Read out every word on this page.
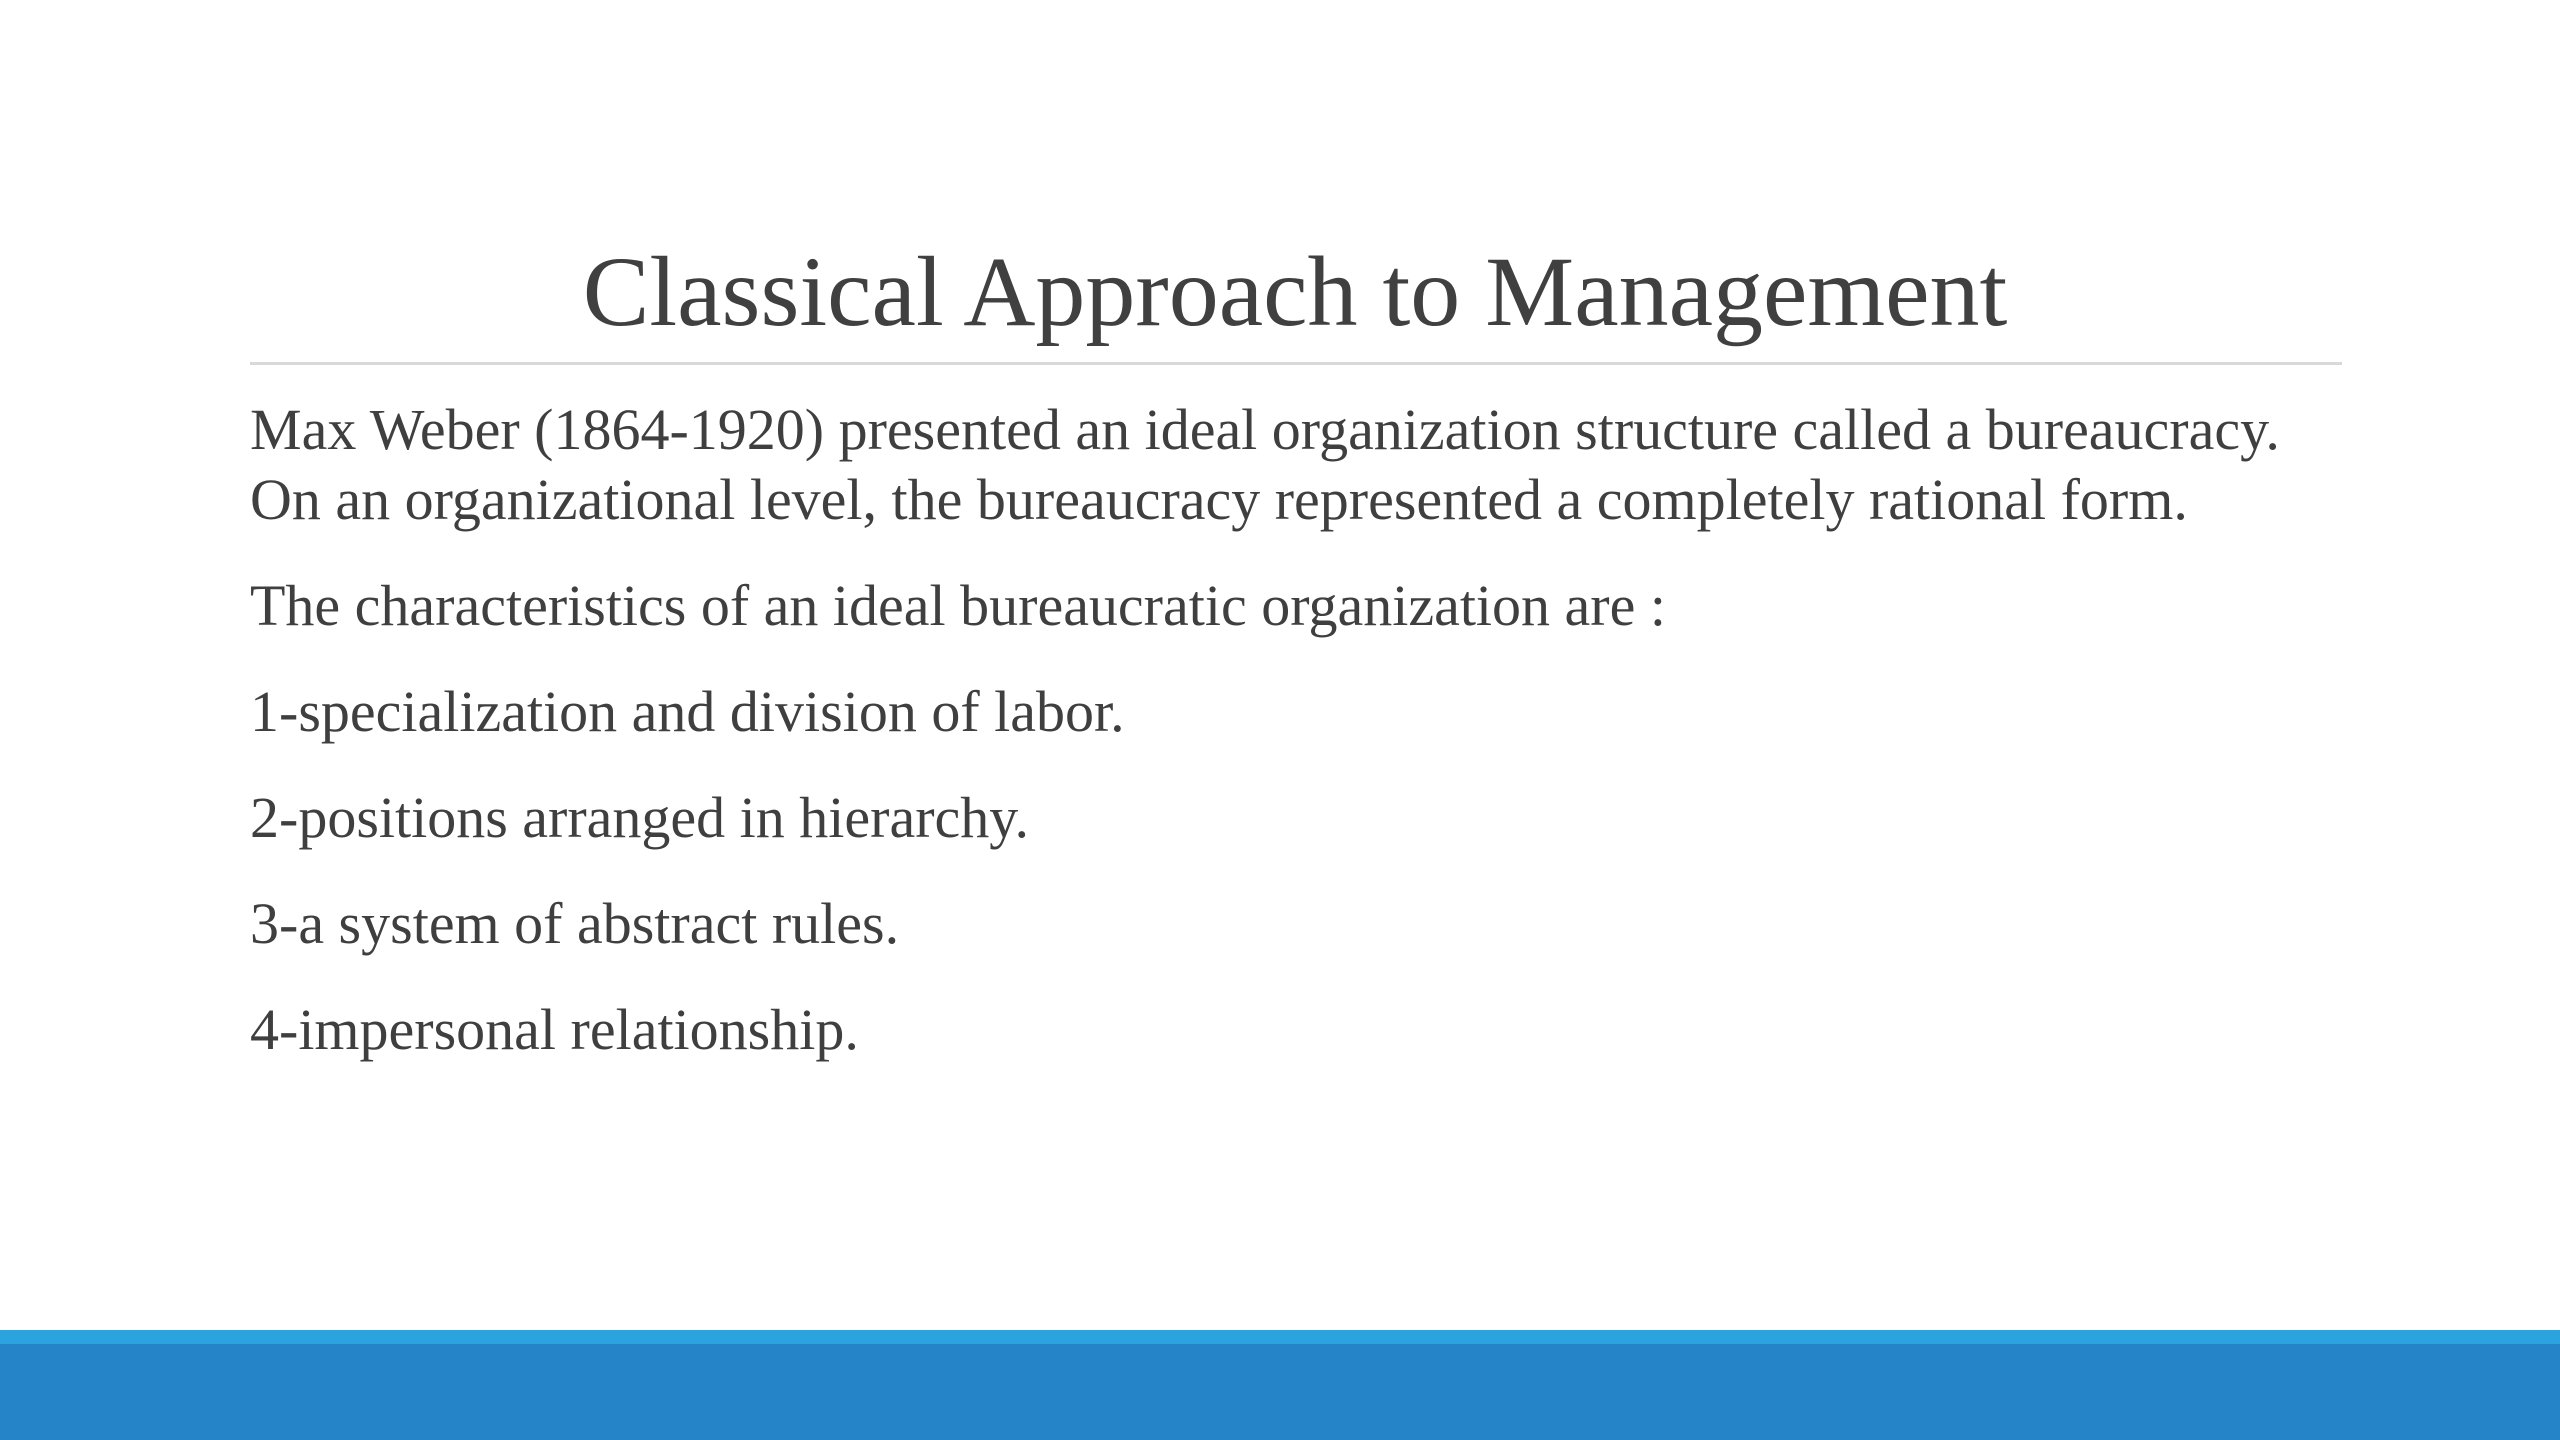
Classical Approach to Management

Max Weber (1864-1920) presented an ideal organization structure called a bureaucracy. On an organizational level, the bureaucracy represented a completely rational form.

The characteristics of an ideal bureaucratic organization are :

1-specialization and division of labor.

2-positions arranged in hierarchy.

3-a system of abstract rules.

4-impersonal relationship.
